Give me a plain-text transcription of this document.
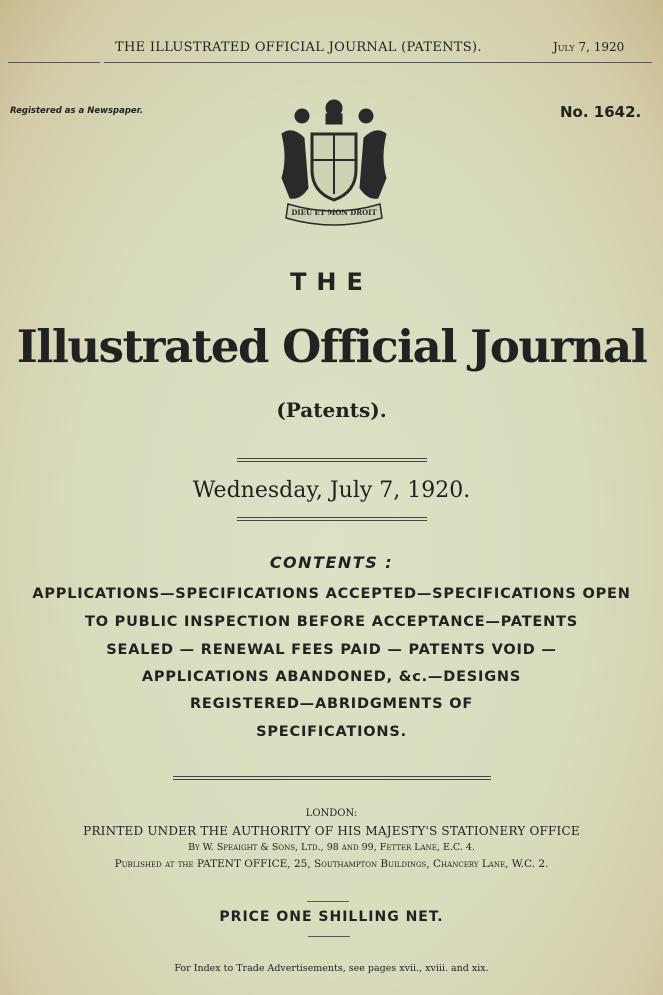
THE ILLUSTRATED OFFICIAL JOURNAL (PATENTS).	July 7, 1920
Registered as a Newspaper.	No. 1642.
DIEU ET MON DROIT
THE
Illustrated Official Journal
(Patents).
Wednesday, July 7, 1920.
CONTENTS :
APPLICATIONS—SPECIFICATIONS ACCEPTED—SPECIFICATIONS OPEN
TO PUBLIC INSPECTION BEFORE ACCEPTANCE—PATENTS
SEALED — RENEWAL FEES PAID — PATENTS VOID —
APPLICATIONS ABANDONED, &c.—DESIGNS
REGISTERED—ABRIDGMENTS OF
SPECIFICATIONS.
LONDON:
PRINTED UNDER THE AUTHORITY OF HIS MAJESTY'S STATIONERY OFFICE
By W. Speaight & Sons, Ltd., 98 and 99, Fetter Lane, E.C. 4.
Published at the PATENT OFFICE, 25, Southampton Buildings, Chancery Lane, W.C. 2.
PRICE ONE SHILLING NET.
For Index to Trade Advertisements, see pages xvii., xviii. and xix.
